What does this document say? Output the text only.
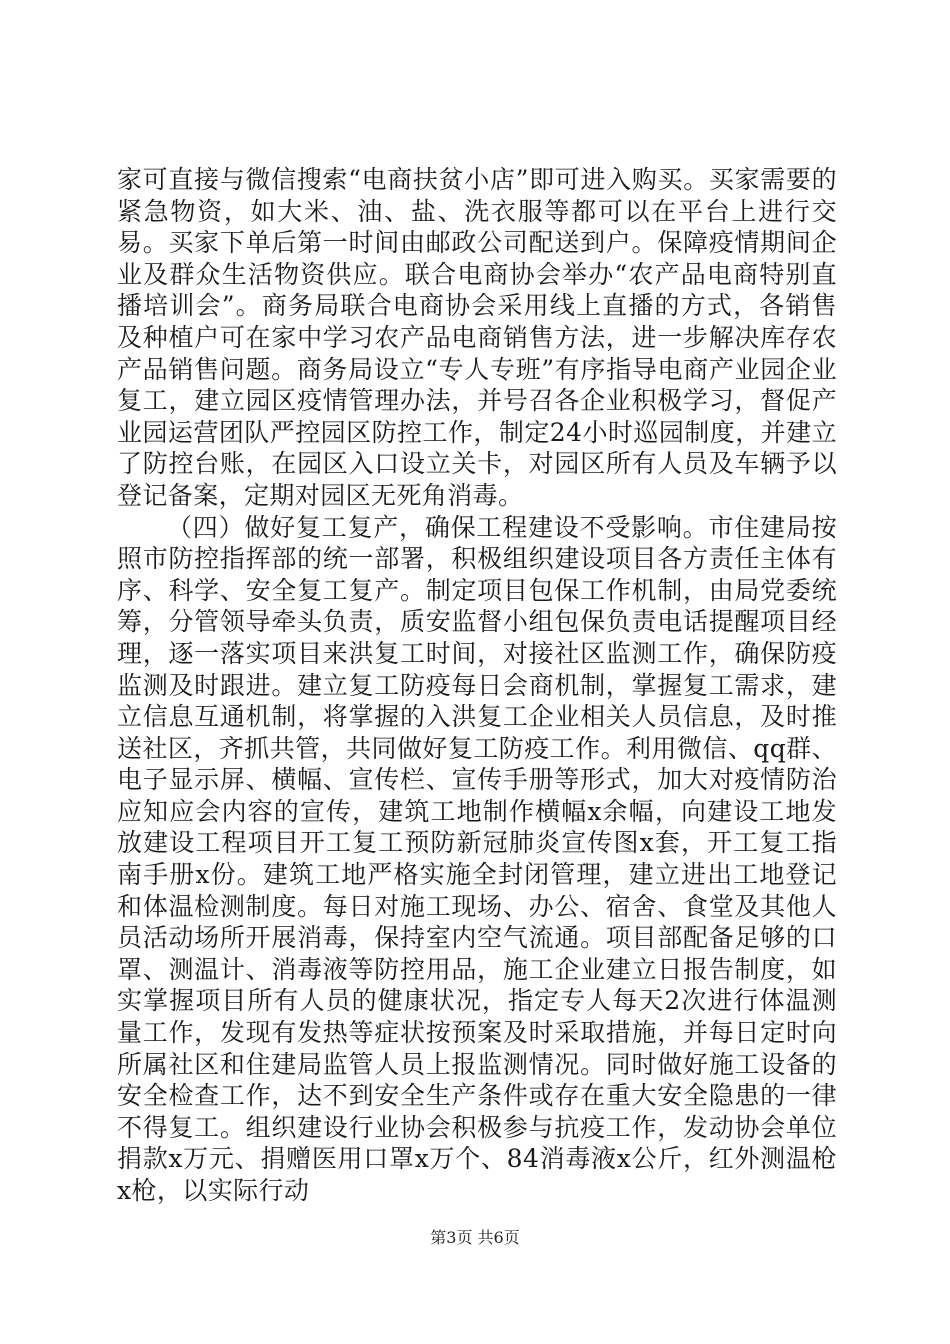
家可直接与微信搜索“电商扶贫小店”即可进入购买。买家需要的紧急物资，如大米、油、盐、洗衣服等都可以在平台上进行交易。买家下单后第一时间由邮政公司配送到户。保障疫情期间企业及群众生活物资供应。联合电商协会举办“农产品电商特别直播培训会”。商务局联合电商协会采用线上直播的方式，各销售及种植户可在家中学习农产品电商销售方法，进一步解决库存农产品销售问题。商务局设立“专人专班”有序指导电商产业园企业复工，建立园区疫情管理办法，并号召各企业积极学习，督促产业园运营团队严控园区防控工作，制定24小时巡园制度，并建立了防控台账，在园区入口设立关卡，对园区所有人员及车辆予以登记备案，定期对园区无死角消毒。

（四）做好复工复产，确保工程建设不受影响。市住建局按照市防控指挥部的统一部署，积极组织建设项目各方责任主体有序、科学、安全复工复产。制定项目包保工作机制，由局党委统筹，分管领导牵头负责，质安监督小组包保负责电话提醒项目经理，逐一落实项目来洪复工时间，对接社区监测工作，确保防疫监测及时跟进。建立复工防疫每日会商机制，掌握复工需求，建立信息互通机制，将掌握的入洪复工企业相关人员信息，及时推送社区，齐抓共管，共同做好复工防疫工作。利用微信、qq群、电子显示屏、横幅、宣传栏、宣传手册等形式，加大对疫情防治应知应会内容的宣传，建筑工地制作横幅x余幅，向建设工地发放建设工程项目开工复工预防新冠肺炎宣传图x套，开工复工指南手册x份。建筑工地严格实施全封闭管理，建立进出工地登记和体温检测制度。每日对施工现场、办公、宿舍、食堂及其他人员活动场所开展消毒，保持室内空气流通。项目部配备足够的口罩、测温计、消毒液等防控用品，施工企业建立日报告制度，如实掌握项目所有人员的健康状况，指定专人每天2次进行体温测量工作，发现有发热等症状按预案及时采取措施，并每日定时向所属社区和住建局监管人员上报监测情况。同时做好施工设备的安全检查工作，达不到安全生产条件或存在重大安全隐患的一律不得复工。组织建设行业协会积极参与抗疫工作，发动协会单位捐款x万元、捐赠医用口罩x万个、84消毒液x公斤，红外测温枪x枪，以实际行动

第3页 共6页
